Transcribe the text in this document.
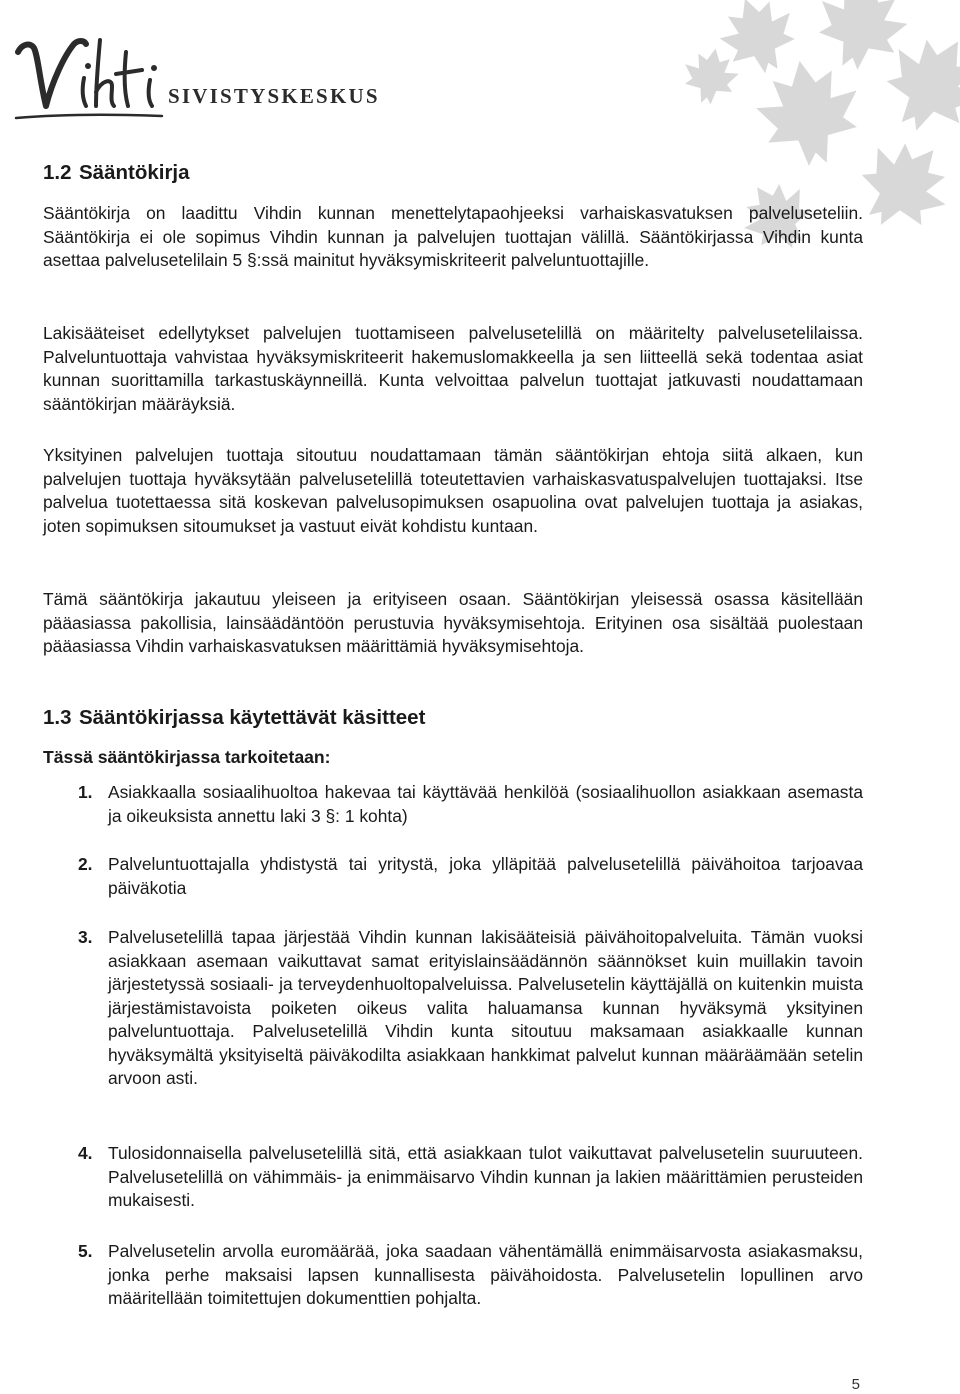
SIVISTYSKESKUS
1.2 Sääntökirja

Sääntökirja on laadittu Vihdin kunnan menettelytapaohjeeksi varhaiskasvatuksen palveluseteliin. Sääntökirja ei ole sopimus Vihdin kunnan ja palvelujen tuottajan välillä. Sääntökirjassa Vihdin kunta asettaa palvelusetelilain 5 §:ssä mainitut hyväksymiskriteerit palveluntuottajille.

Lakisääteiset edellytykset palvelujen tuottamiseen palvelusetelillä on määritelty palvelusetelilaissa. Palveluntuottaja vahvistaa hyväksymiskriteerit hakemuslomakkeella ja sen liitteellä sekä todentaa asiat kunnan suorittamilla tarkastuskäynneillä. Kunta velvoittaa palvelun tuottajat jatkuvasti noudattamaan sääntökirjan määräyksiä.

Yksityinen palvelujen tuottaja sitoutuu noudattamaan tämän sääntökirjan ehtoja siitä alkaen, kun palvelujen tuottaja hyväksytään palvelusetelillä toteutettavien varhaiskasvatuspalvelujen tuottajaksi. Itse palvelua tuotettaessa sitä koskevan palvelusopimuksen osapuolina ovat palvelujen tuottaja ja asiakas, joten sopimuksen sitoumukset ja vastuut eivät kohdistu kuntaan.

Tämä sääntökirja jakautuu yleiseen ja erityiseen osaan. Sääntökirjan yleisessä osassa käsitellään pääasiassa pakollisia, lainsäädäntöön perustuvia hyväksymisehtoja. Erityinen osa sisältää puolestaan pääasiassa Vihdin varhaiskasvatuksen määrittämiä hyväksymisehtoja.

1.3 Sääntökirjassa käytettävät käsitteet

Tässä sääntökirjassa tarkoitetaan:

1. Asiakkaalla sosiaalihuoltoa hakevaa tai käyttävää henkilöä (sosiaalihuollon asiakkaan asemasta ja oikeuksista annettu laki 3 §: 1 kohta)

2. Palveluntuottajalla yhdistystä tai yritystä, joka ylläpitää palvelusetelillä päivähoitoa tarjoavaa päiväkotia

3. Palvelusetelillä tapaa järjestää Vihdin kunnan lakisääteisiä päivähoitopalveluita. Tämän vuoksi asiakkaan asemaan vaikuttavat samat erityislainsäädännön säännökset kuin muillakin tavoin järjestetyssä sosiaali- ja terveydenhuoltopalveluissa. Palvelusetelin käyttäjällä on kuitenkin muista järjestämistavoista poiketen oikeus valita haluamansa kunnan hyväksymä yksityinen palveluntuottaja. Palvelusetelillä Vihdin kunta sitoutuu maksamaan asiakkaalle kunnan hyväksymältä yksityiseltä päiväkodilta asiakkaan hankkimat palvelut kunnan määräämään setelin arvoon asti.

4. Tulosidonnaisella palvelusetelillä sitä, että asiakkaan tulot vaikuttavat palvelusetelin suuruuteen. Palvelusetelillä on vähimmäis- ja enimmäisarvo Vihdin kunnan ja lakien määrittämien perusteiden mukaisesti.

5. Palvelusetelin arvolla euromäärää, joka saadaan vähentämällä enimmäisarvosta asiakasmaksu, jonka perhe maksaisi lapsen kunnallisesta päivähoidosta. Palvelusetelin lopullinen arvo määritellään toimitettujen dokumenttien pohjalta.

5
